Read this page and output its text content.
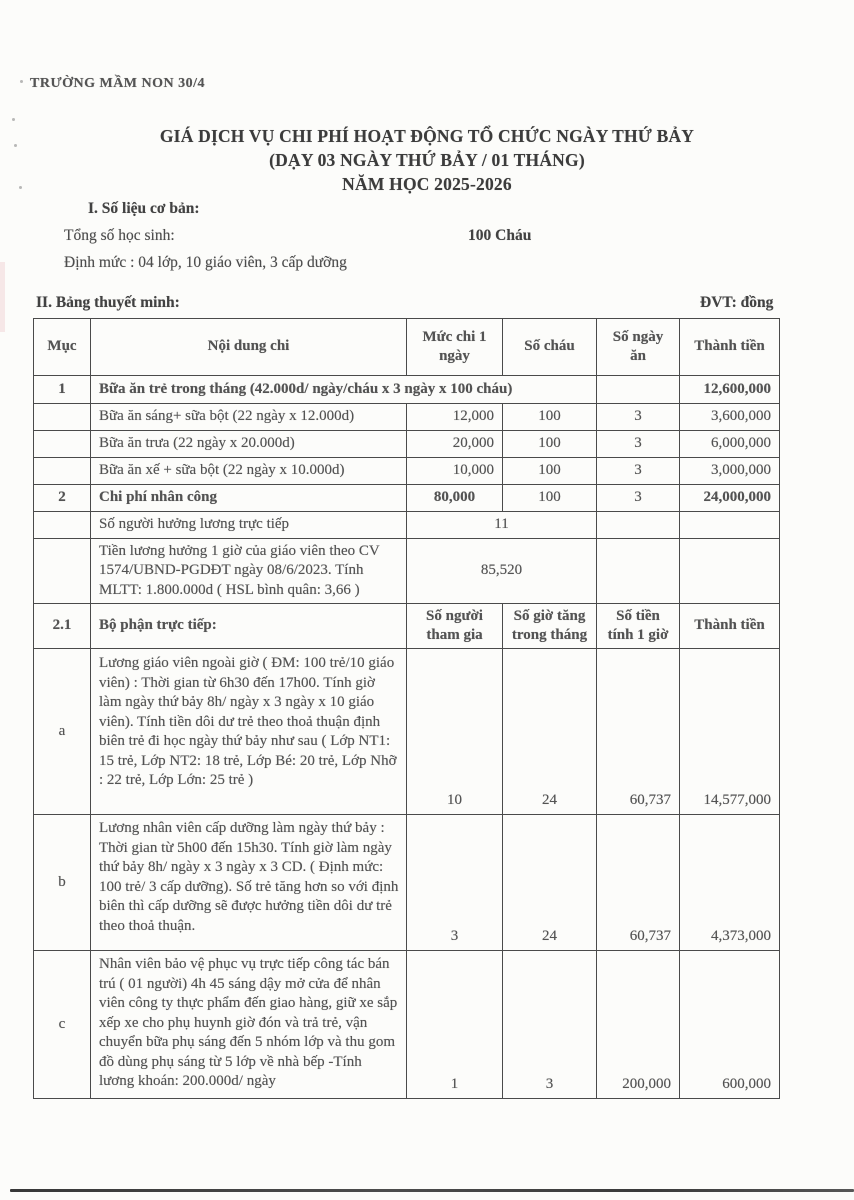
TRƯỜNG MẦM NON 30/4
GIÁ DỊCH VỤ CHI PHÍ HOẠT ĐỘNG TỔ CHỨC NGÀY THỨ BẢY
(DẠY 03 NGÀY THỨ BẢY / 01 THÁNG)
NĂM HỌC 2025-2026
I. Số liệu cơ bản:
Tổng số học sinh:	100 Cháu
Định mức : 04 lớp, 10 giáo viên, 3 cấp dưỡng
II. Bảng thuyết minh:	ĐVT: đồng
Mục	Nội dung chi	Mức chi 1 ngày	Số cháu	Số ngày ăn	Thành tiền
1	Bữa ăn trẻ trong tháng (42.000d/ ngày/cháu x 3 ngày x 100 cháu)				12,600,000
	Bữa ăn sáng+ sữa bột (22 ngày x 12.000d)	12,000	100	3	3,600,000
	Bữa ăn trưa (22 ngày x 20.000d)	20,000	100	3	6,000,000
	Bữa ăn xế + sữa bột (22 ngày x 10.000d)	10,000	100	3	3,000,000
2	Chi phí nhân công	80,000	100	3	24,000,000
	Số người hưởng lương trực tiếp	11			
	Tiền lương hưởng 1 giờ của giáo viên theo CV 1574/UBND-PGDĐT ngày 08/6/2023. Tính MLTT: 1.800.000d ( HSL bình quân: 3,66 )	85,520			
2.1	Bộ phận trực tiếp:	Số người tham gia	Số giờ tăng trong tháng	Số tiền tính 1 giờ	Thành tiền
a	Lương giáo viên ngoài giờ ( ĐM: 100 trẻ/10 giáo viên) : Thời gian từ 6h30 đến 17h00. Tính giờ làm ngày thứ bảy 8h/ ngày x 3 ngày x 10 giáo viên). Tính tiền dôi dư trẻ theo thoả thuận định biên trẻ đi học ngày thứ bảy như sau ( Lớp NT1: 15 trẻ, Lớp NT2: 18 trẻ, Lớp Bé: 20 trẻ, Lớp Nhỡ : 22 trẻ, Lớp Lớn: 25 trẻ )	10	24	60,737	14,577,000
b	Lương nhân viên cấp dưỡng làm ngày thứ bảy : Thời gian từ 5h00 đến 15h30. Tính giờ làm ngày thứ bảy 8h/ ngày x 3 ngày x 3 CD. ( Định mức: 100 trẻ/ 3 cấp dưỡng). Số trẻ tăng hơn so với định biên thì cấp dưỡng sẽ được hưởng tiền dôi dư trẻ theo thoả thuận.	3	24	60,737	4,373,000
c	Nhân viên bảo vệ phục vụ trực tiếp công tác bán trú ( 01 người) 4h 45 sáng dậy mở cửa để nhân viên công ty thực phẩm đến giao hàng, giữ xe sắp xếp xe cho phụ huynh giờ đón và trả trẻ, vận chuyển bữa phụ sáng đến 5 nhóm lớp và thu gom đồ dùng phụ sáng từ 5 lớp về nhà bếp -Tính lương khoán: 200.000d/ ngày	1	3	200,000	600,000
